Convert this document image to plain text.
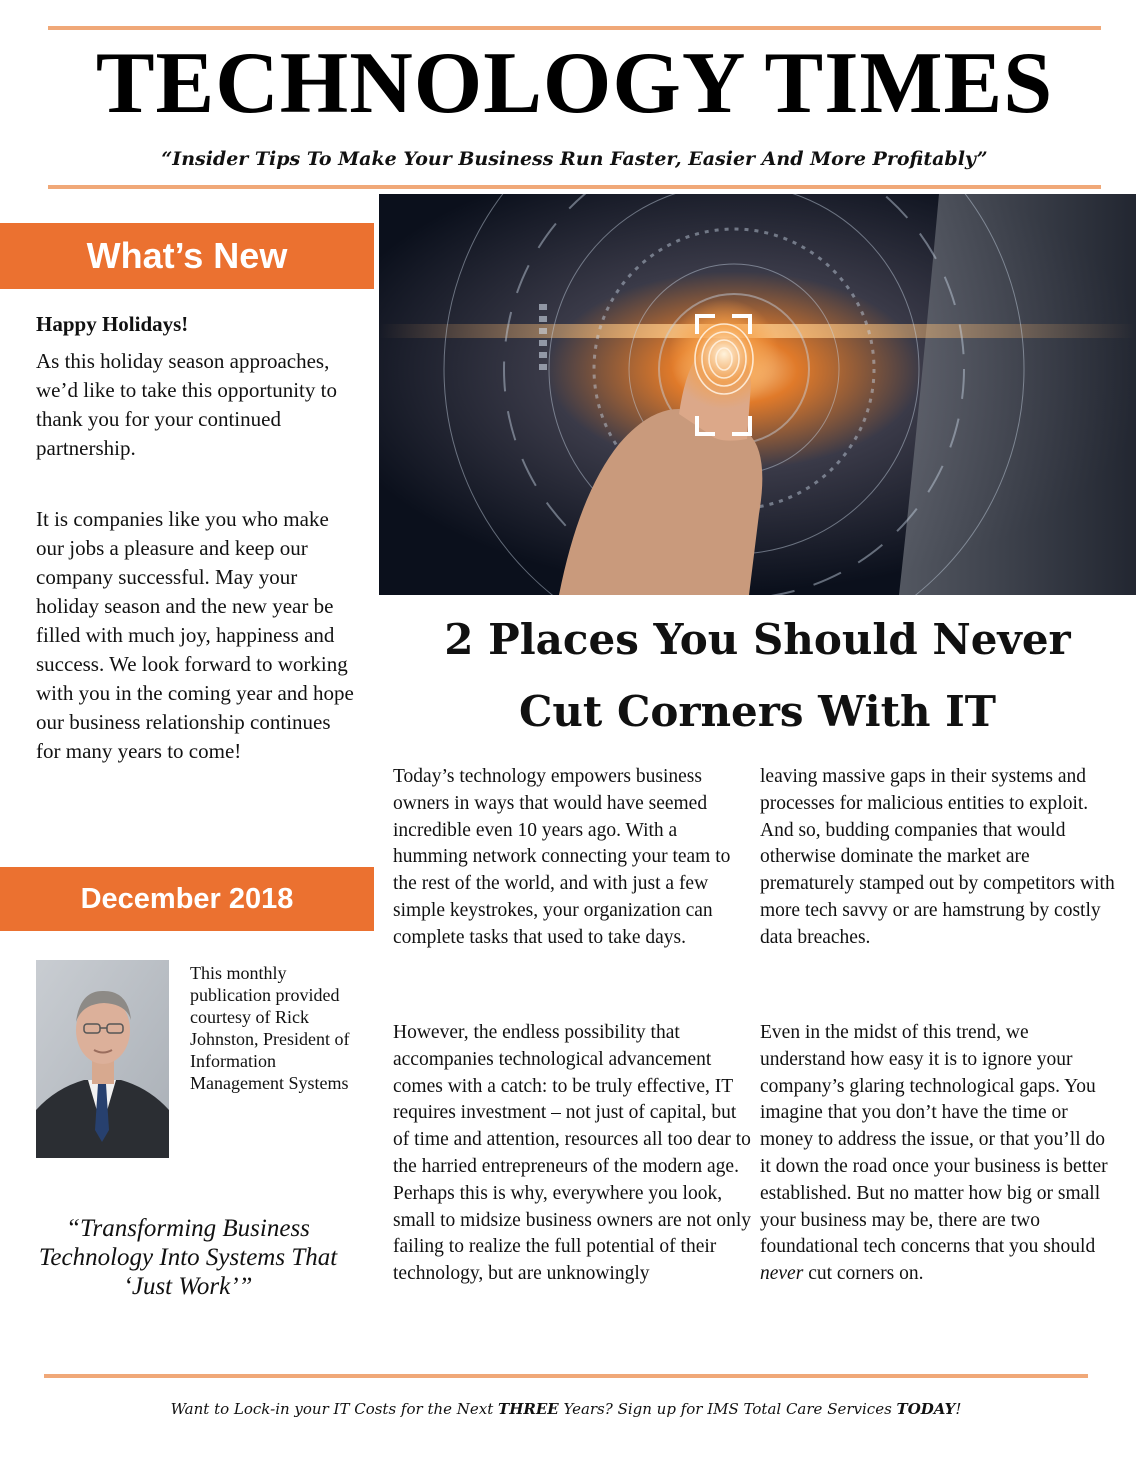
TECHNOLOGY TIMES
“Insider Tips To Make Your Business Run Faster, Easier And More Profitably”
What’s New
Happy Holidays!

As this holiday season approaches, we’d like to take this opportunity to thank you for your continued partnership.

It is companies like you who make our jobs a pleasure and keep our company successful. May your holiday season and the new year be filled with much joy, happiness and success. We look forward to working with you in the coming year and hope our business relationship continues for many years to come!

December 2018

This monthly publication provided courtesy of Rick Johnston, President of Information Management Systems

“Transforming Business Technology Into Systems That ‘Just Work’”

2 Places You Should Never
Cut Corners With IT

Today’s technology empowers business owners in ways that would have seemed incredible even 10 years ago. With a humming network connecting your team to the rest of the world, and with just a few simple keystrokes, your organization can complete tasks that used to take days.

However, the endless possibility that accompanies technological advancement comes with a catch: to be truly effective, IT requires investment – not just of capital, but of time and attention, resources all too dear to the harried entrepreneurs of the modern age. Perhaps this is why, everywhere you look, small to midsize business owners are not only failing to realize the full potential of their technology, but are unknowingly

leaving massive gaps in their systems and processes for malicious entities to exploit. And so, budding companies that would otherwise dominate the market are prematurely stamped out by competitors with more tech savvy or are hamstrung by costly data breaches.

Even in the midst of this trend, we understand how easy it is to ignore your company’s glaring technological gaps. You imagine that you don’t have the time or money to address the issue, or that you’ll do it down the road once your business is better established. But no matter how big or small your business may be, there are two foundational tech concerns that you should never cut corners on.

Want to Lock-in your IT Costs for the Next THREE Years? Sign up for IMS Total Care Services TODAY!
